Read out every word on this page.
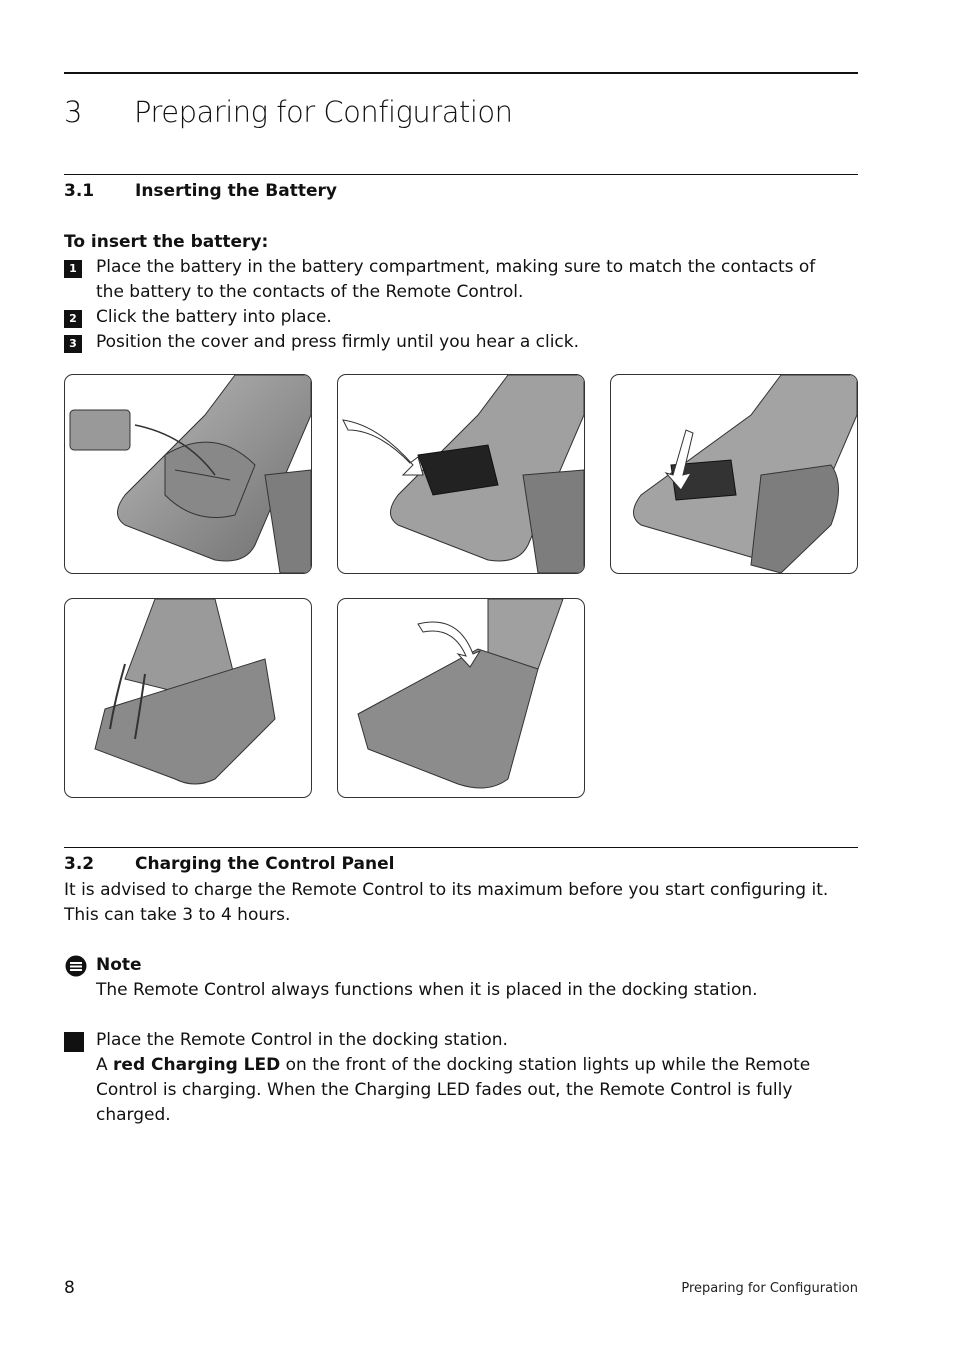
3 Preparing for Configuration
3.1 Inserting the Battery
To insert the battery:
1	Place the battery in the battery compartment, making sure to match the contacts of the battery to the contacts of the Remote Control.
2	Click the battery into place.
3	Position the cover and press firmly until you hear a click.
3.2 Charging the Control Panel
It is advised to charge the Remote Control to its maximum before you start configuring it. This can take 3 to 4 hours.
Note
The Remote Control always functions when it is placed in the docking station.
Place the Remote Control in the docking station.
A red Charging LED on the front of the docking station lights up while the Remote Control is charging. When the Charging LED fades out, the Remote Control is fully charged.
8	Preparing for Configuration
